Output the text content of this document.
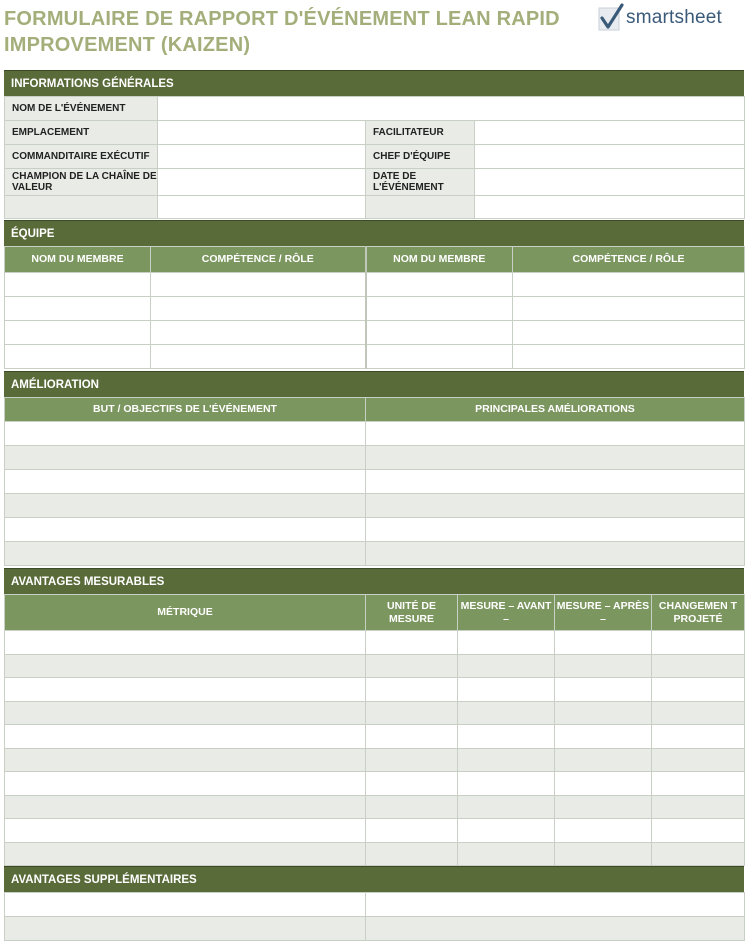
FORMULAIRE DE RAPPORT D'ÉVÉNEMENT LEAN RAPID
IMPROVEMENT (KAIZEN)
smartsheet
INFORMATIONS GÉNÉRALES
NOM DE L'ÉVÉNEMENT			
EMPLACEMENT		FACILITATEUR	
COMMANDITAIRE EXÉCUTIF		CHEF D'ÉQUIPE	
CHAMPION DE LA CHAÎNE DE VALEUR		DATE DE L'ÉVÉNEMENT	

ÉQUIPE
NOM DU MEMBRE	COMPÉTENCE / RÔLE	NOM DU MEMBRE	COMPÉTENCE / RÔLE

AMÉLIORATION
BUT / OBJECTIFS DE L'ÉVÉNEMENT	PRINCIPALES AMÉLIORATIONS

AVANTAGES MESURABLES
MÉTRIQUE	UNITÉ DE MESURE	MESURE – AVANT –	MESURE – APRÈS –	CHANGEMEN T PROJETÉ

AVANTAGES SUPPLÉMENTAIRES
